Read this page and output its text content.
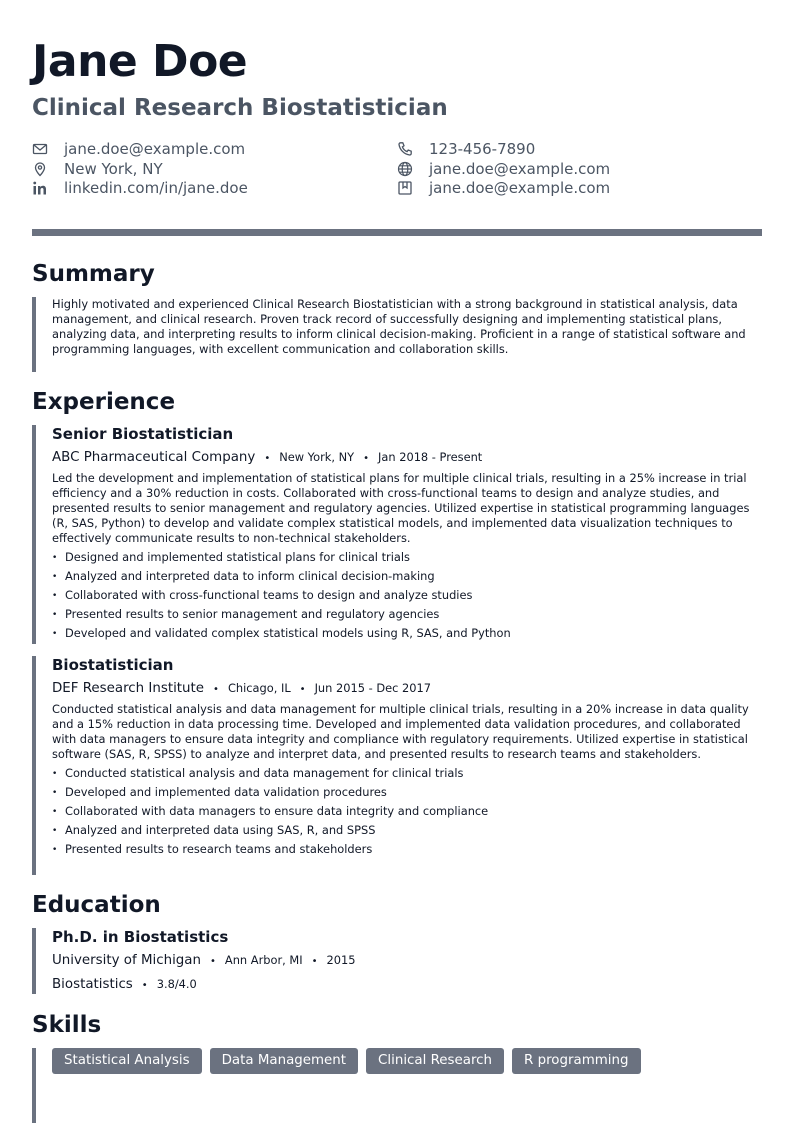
Jane Doe
Clinical Research Biostatistician
jane.doe@example.com
New York, NY
linkedin.com/in/jane.doe
123-456-7890
jane.doe@example.com
jane.doe@example.com
Summary
Highly motivated and experienced Clinical Research Biostatistician with a strong background in statistical analysis, data management, and clinical research. Proven track record of successfully designing and implementing statistical plans, analyzing data, and interpreting results to inform clinical decision-making. Proficient in a range of statistical software and programming languages, with excellent communication and collaboration skills.
Experience
Senior Biostatistician
ABC Pharmaceutical Company • New York, NY • Jan 2018 - Present
Led the development and implementation of statistical plans for multiple clinical trials, resulting in a 25% increase in trial efficiency and a 30% reduction in costs. Collaborated with cross-functional teams to design and analyze studies, and presented results to senior management and regulatory agencies. Utilized expertise in statistical programming languages (R, SAS, Python) to develop and validate complex statistical models, and implemented data visualization techniques to effectively communicate results to non-technical stakeholders.
• Designed and implemented statistical plans for clinical trials
• Analyzed and interpreted data to inform clinical decision-making
• Collaborated with cross-functional teams to design and analyze studies
• Presented results to senior management and regulatory agencies
• Developed and validated complex statistical models using R, SAS, and Python
Biostatistician
DEF Research Institute • Chicago, IL • Jun 2015 - Dec 2017
Conducted statistical analysis and data management for multiple clinical trials, resulting in a 20% increase in data quality and a 15% reduction in data processing time. Developed and implemented data validation procedures, and collaborated with data managers to ensure data integrity and compliance with regulatory requirements. Utilized expertise in statistical software (SAS, R, SPSS) to analyze and interpret data, and presented results to research teams and stakeholders.
• Conducted statistical analysis and data management for clinical trials
• Developed and implemented data validation procedures
• Collaborated with data managers to ensure data integrity and compliance
• Analyzed and interpreted data using SAS, R, and SPSS
• Presented results to research teams and stakeholders
Education
Ph.D. in Biostatistics
University of Michigan • Ann Arbor, MI • 2015
Biostatistics • 3.8/4.0
Skills
Statistical Analysis	Data Management	Clinical Research	R programming
